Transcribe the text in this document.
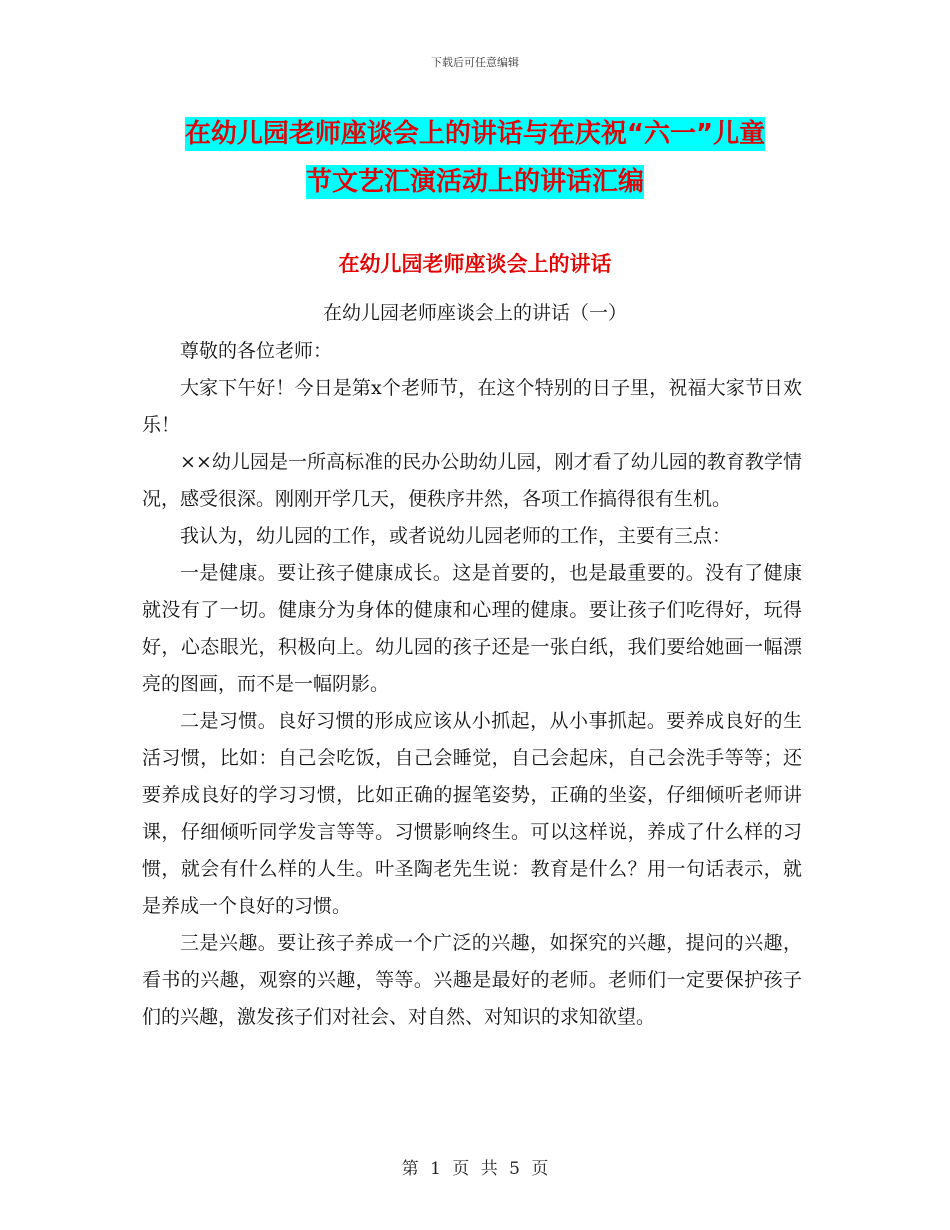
下载后可任意编辑
在幼儿园老师座谈会上的讲话与在庆祝“六一”儿童
节文艺汇演活动上的讲话汇编
在幼儿园老师座谈会上的讲话
在幼儿园老师座谈会上的讲话（一）

尊敬的各位老师：

大家下午好！今日是第x个老师节，在这个特别的日子里，祝福大家节日欢乐！

××幼儿园是一所高标准的民办公助幼儿园，刚才看了幼儿园的教育教学情况，感受很深。刚刚开学几天，便秩序井然，各项工作搞得很有生机。

我认为，幼儿园的工作，或者说幼儿园老师的工作，主要有三点：

一是健康。要让孩子健康成长。这是首要的，也是最重要的。没有了健康就没有了一切。健康分为身体的健康和心理的健康。要让孩子们吃得好，玩得好，心态眼光，积极向上。幼儿园的孩子还是一张白纸，我们要给她画一幅漂亮的图画，而不是一幅阴影。

二是习惯。良好习惯的形成应该从小抓起，从小事抓起。要养成良好的生活习惯，比如：自己会吃饭，自己会睡觉，自己会起床，自己会洗手等等；还要养成良好的学习习惯，比如正确的握笔姿势，正确的坐姿，仔细倾听老师讲课，仔细倾听同学发言等等。习惯影响终生。可以这样说，养成了什么样的习惯，就会有什么样的人生。叶圣陶老先生说：教育是什么？用一句话表示，就是养成一个良好的习惯。

三是兴趣。要让孩子养成一个广泛的兴趣，如探究的兴趣，提问的兴趣，看书的兴趣，观察的兴趣，等等。兴趣是最好的老师。老师们一定要保护孩子们的兴趣，激发孩子们对社会、对自然、对知识的求知欲望。

第 1 页 共 5 页
